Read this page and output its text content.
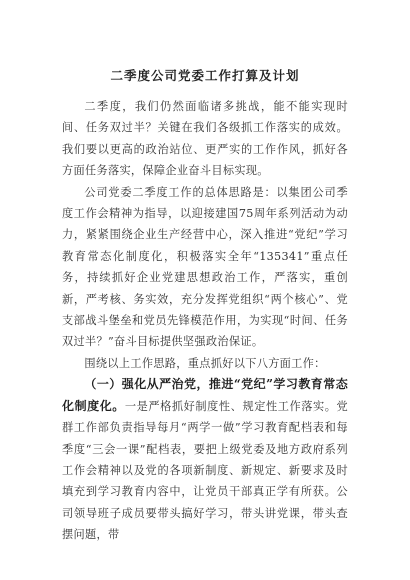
二季度公司党委工作打算及计划

二季度，我们仍然面临诸多挑战，能不能实现时间、任务双过半？关键在我们各级抓工作落实的成效。我们要以更高的政治站位、更严实的工作作风，抓好各方面任务落实，保障企业奋斗目标实现。

公司党委二季度工作的总体思路是：以集团公司季度工作会精神为指导，以迎接建国75周年系列活动为动力，紧紧围绕企业生产经营中心，深入推进“党纪”学习教育常态化制度化，积极落实全年“135341”重点任务，持续抓好企业党建思想政治工作，严落实，重创新，严考核、务实效，充分发挥党组织“两个核心”、党支部战斗堡垒和党员先锋模范作用，为实现“时间、任务双过半？”奋斗目标提供坚强政治保证。

围绕以上工作思路，重点抓好以下八方面工作：

（一）强化从严治党，推进“党纪”学习教育常态化制度化。一是严格抓好制度性、规定性工作落实。党群工作部负责指导每月“两学一做”学习教育配档表和每季度“三会一课”配档表，要把上级党委及地方政府系列工作会精神以及党的各项新制度、新规定、新要求及时填充到学习教育内容中，让党员干部真正学有所获。公司领导班子成员要带头搞好学习，带头讲党课，带头查摆问题，带
